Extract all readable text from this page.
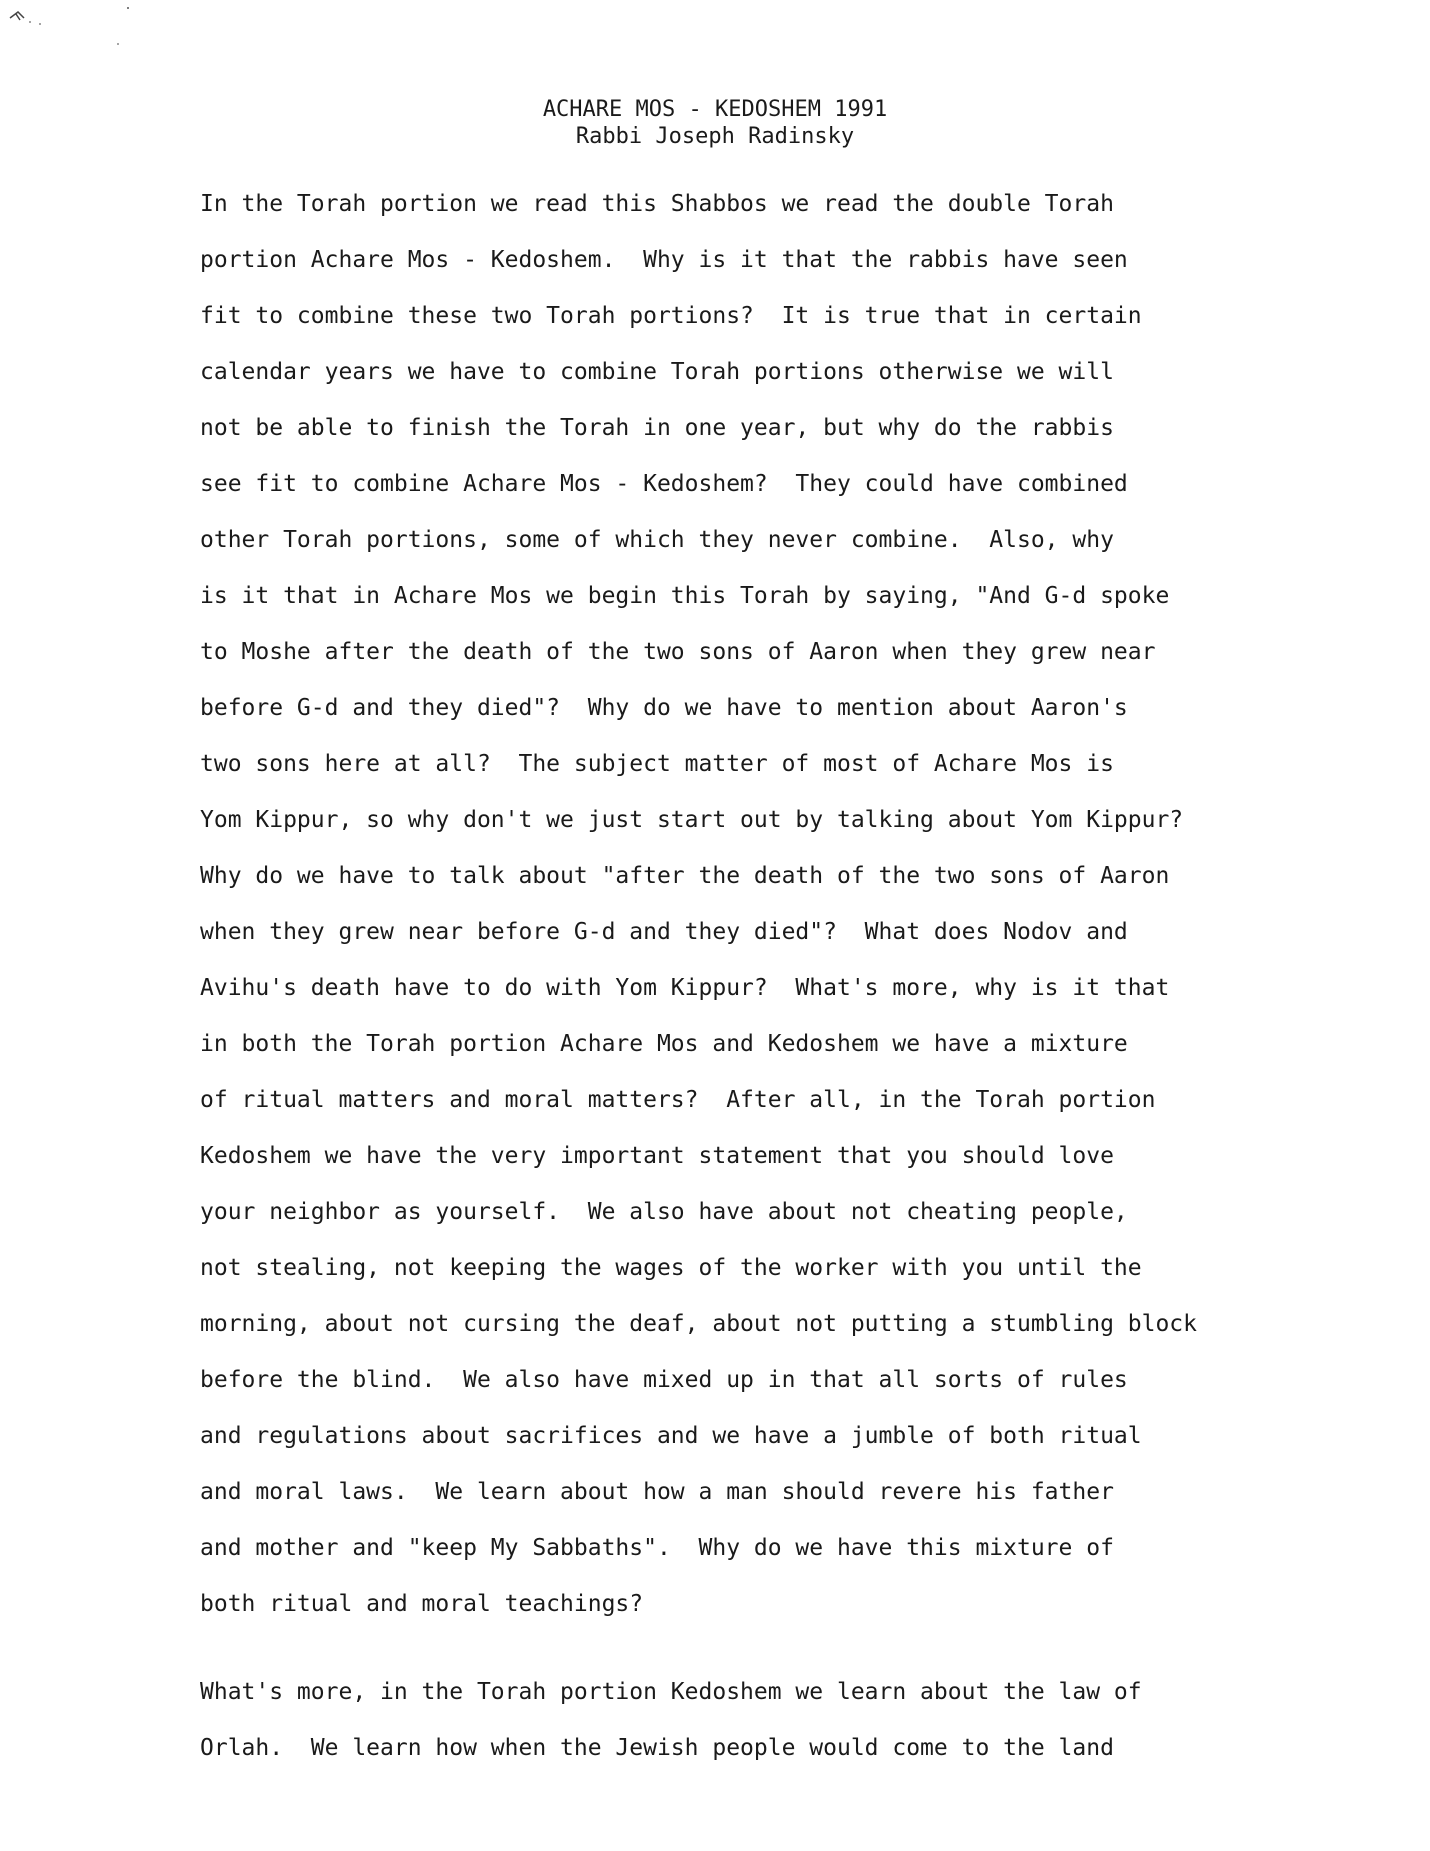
ACHARE MOS - KEDOSHEM 1991
Rabbi Joseph Radinsky
In the Torah portion we read this Shabbos we read the double Torah
portion Achare Mos - Kedoshem.  Why is it that the rabbis have seen
fit to combine these two Torah portions?  It is true that in certain
calendar years we have to combine Torah portions otherwise we will
not be able to finish the Torah in one year, but why do the rabbis
see fit to combine Achare Mos - Kedoshem?  They could have combined
other Torah portions, some of which they never combine.  Also, why
is it that in Achare Mos we begin this Torah by saying, "And G-d spoke
to Moshe after the death of the two sons of Aaron when they grew near
before G-d and they died"?  Why do we have to mention about Aaron's
two sons here at all?  The subject matter of most of Achare Mos is
Yom Kippur, so why don't we just start out by talking about Yom Kippur?
Why do we have to talk about "after the death of the two sons of Aaron
when they grew near before G-d and they died"?  What does Nodov and
Avihu's death have to do with Yom Kippur?  What's more, why is it that
in both the Torah portion Achare Mos and Kedoshem we have a mixture
of ritual matters and moral matters?  After all, in the Torah portion
Kedoshem we have the very important statement that you should love
your neighbor as yourself.  We also have about not cheating people,
not stealing, not keeping the wages of the worker with you until the
morning, about not cursing the deaf, about not putting a stumbling block
before the blind.  We also have mixed up in that all sorts of rules
and regulations about sacrifices and we have a jumble of both ritual
and moral laws.  We learn about how a man should revere his father
and mother and "keep My Sabbaths".  Why do we have this mixture of
both ritual and moral teachings?
What's more, in the Torah portion Kedoshem we learn about the law of
Orlah.  We learn how when the Jewish people would come to the land
